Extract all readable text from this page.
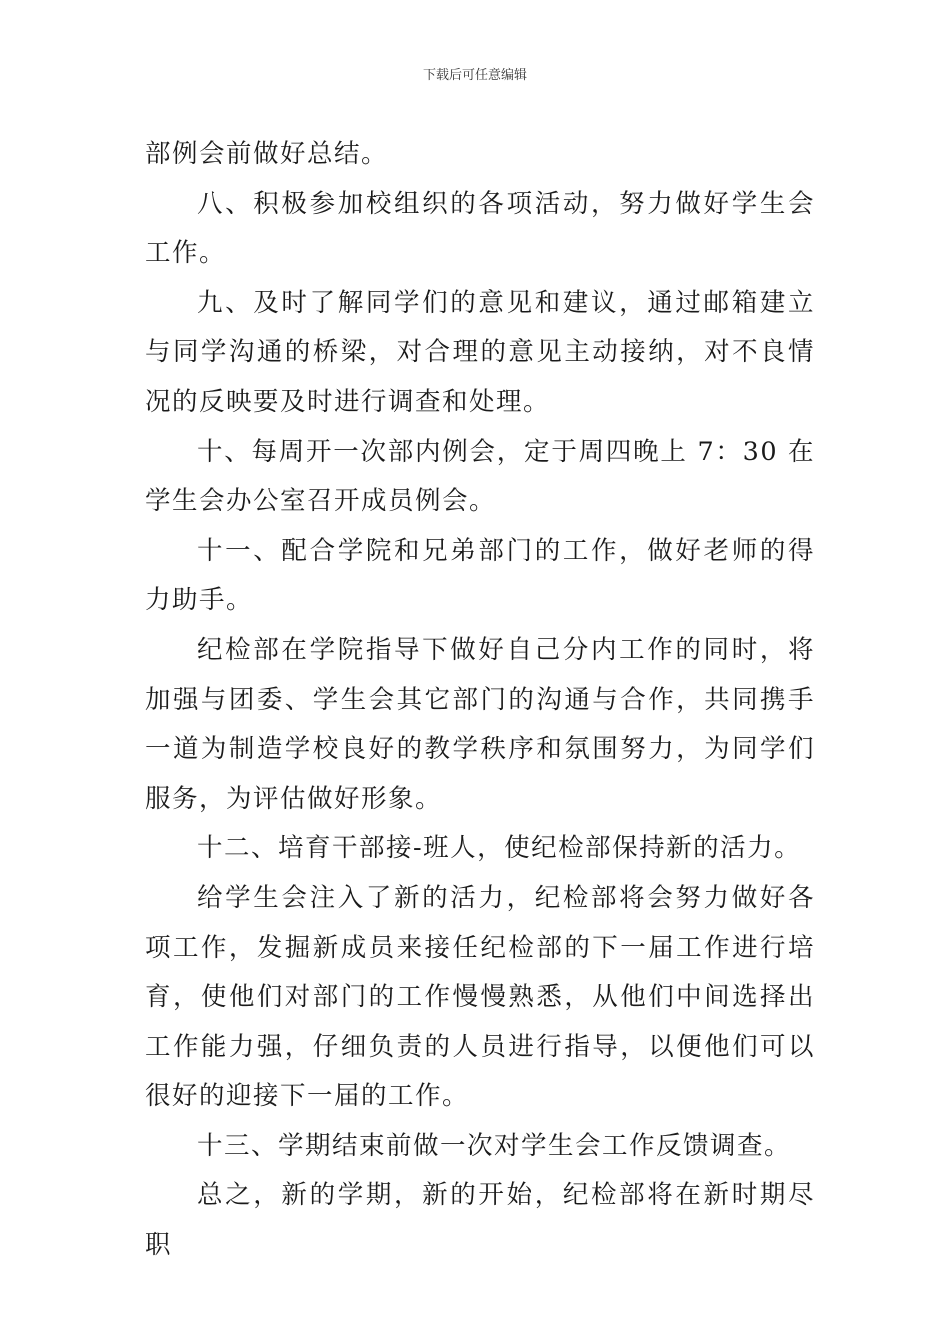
下载后可任意编辑

部例会前做好总结。

八、积极参加校组织的各项活动，努力做好学生会工作。

九、及时了解同学们的意见和建议，通过邮箱建立与同学沟通的桥梁，对合理的意见主动接纳，对不良情况的反映要及时进行调查和处理。

十、每周开一次部内例会，定于周四晚上 7：30 在学生会办公室召开成员例会。

十一、配合学院和兄弟部门的工作，做好老师的得力助手。

纪检部在学院指导下做好自己分内工作的同时，将加强与团委、学生会其它部门的沟通与合作，共同携手一道为制造学校良好的教学秩序和氛围努力，为同学们服务，为评估做好形象。

十二、培育干部接-班人，使纪检部保持新的活力。

给学生会注入了新的活力，纪检部将会努力做好各项工作，发掘新成员来接任纪检部的下一届工作进行培育，使他们对部门的工作慢慢熟悉，从他们中间选择出工作能力强，仔细负责的人员进行指导，以便他们可以很好的迎接下一届的工作。

十三、学期结束前做一次对学生会工作反馈调查。

总之，新的学期，新的开始，纪检部将在新时期尽职
